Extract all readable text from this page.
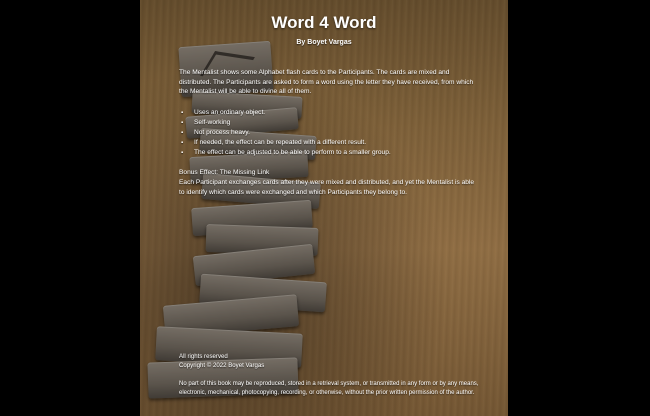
Word 4 Word
By Boyet Vargas
The Mentalist shows some Alphabet flash cards to the Participants. The cards are mixed and distributed. The Participants are asked to form a word using the letter they have received, from which the Mentalist will be able to divine all of them.
▪ Uses an ordinary object.
▪ Self-working
▪ Not process heavy.
▪ If needed, the effect can be repeated with a different result.
▪ The effect can be adjusted to be able to perform to a smaller group.
Bonus Effect: The Missing Link
Each Participant exchanges cards after they were mixed and distributed, and yet the Mentalist is able to identify which cards were exchanged and which Participants they belong to.
All rights reserved
Copyright © 2022 Boyet Vargas
No part of this book may be reproduced, stored in a retrieval system, or transmitted in any form or by any means, electronic, mechanical, photocopying, recording, or otherwise, without the prior written permission of the author.
